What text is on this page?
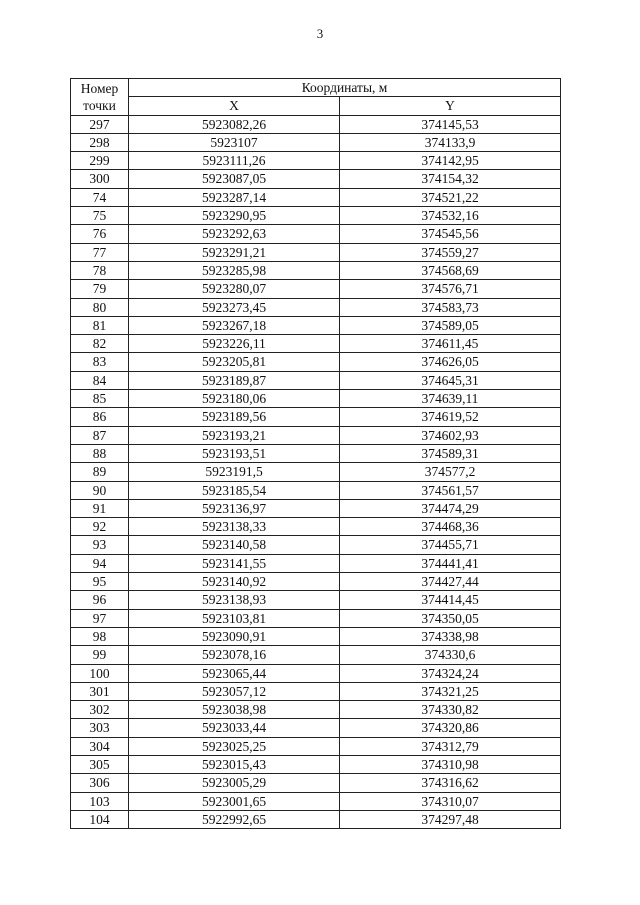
3
Номер
точки	Координаты, м	
	X	Y
297	5923082,26	374145,53
298	5923107	374133,9
299	5923111,26	374142,95
300	5923087,05	374154,32
74	5923287,14	374521,22
75	5923290,95	374532,16
76	5923292,63	374545,56
77	5923291,21	374559,27
78	5923285,98	374568,69
79	5923280,07	374576,71
80	5923273,45	374583,73
81	5923267,18	374589,05
82	5923226,11	374611,45
83	5923205,81	374626,05
84	5923189,87	374645,31
85	5923180,06	374639,11
86	5923189,56	374619,52
87	5923193,21	374602,93
88	5923193,51	374589,31
89	5923191,5	374577,2
90	5923185,54	374561,57
91	5923136,97	374474,29
92	5923138,33	374468,36
93	5923140,58	374455,71
94	5923141,55	374441,41
95	5923140,92	374427,44
96	5923138,93	374414,45
97	5923103,81	374350,05
98	5923090,91	374338,98
99	5923078,16	374330,6
100	5923065,44	374324,24
301	5923057,12	374321,25
302	5923038,98	374330,82
303	5923033,44	374320,86
304	5923025,25	374312,79
305	5923015,43	374310,98
306	5923005,29	374316,62
103	5923001,65	374310,07
104	5922992,65	374297,48
